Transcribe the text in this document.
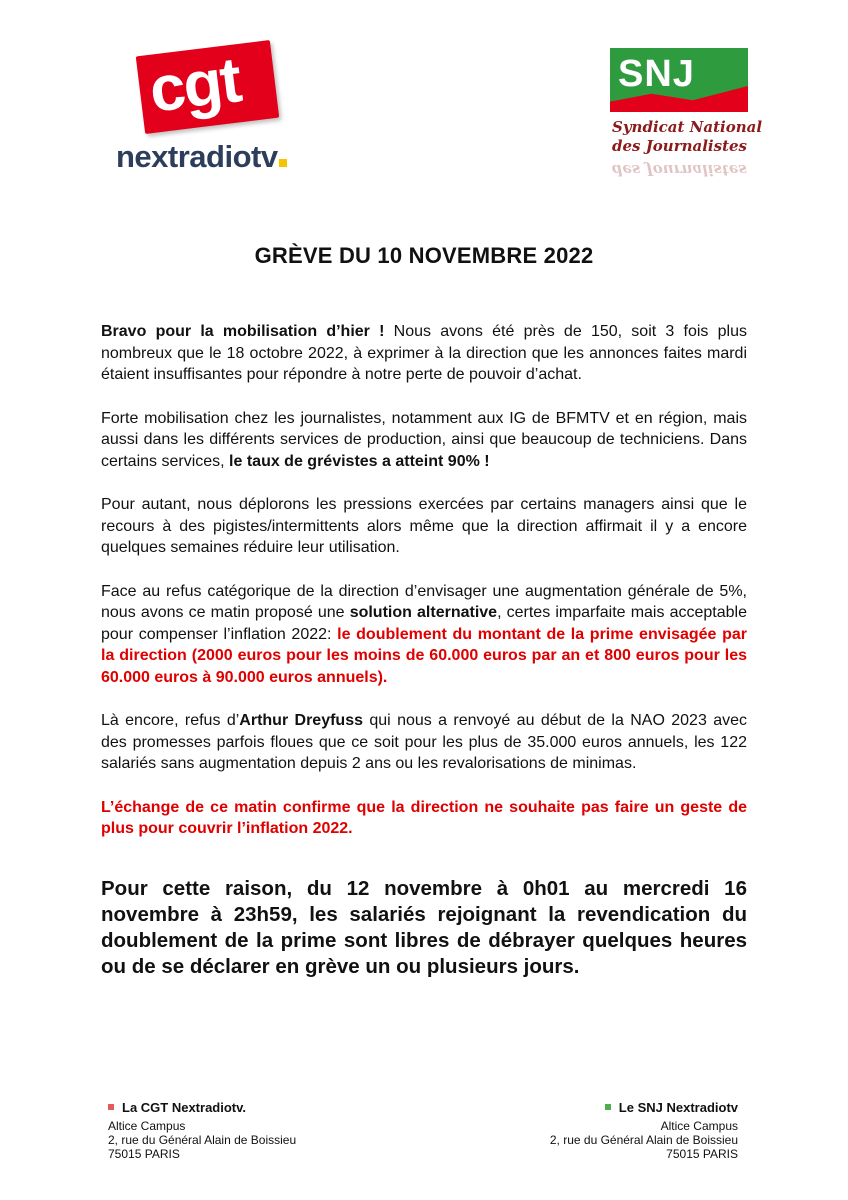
cgt
nextradiotv
SNJ
Syndicat National
des Journalistes
des Journalistes
GRÈVE DU 10 NOVEMBRE 2022

Bravo pour la mobilisation d’hier ! Nous avons été près de 150, soit 3 fois plus nombreux que le 18 octobre 2022, à exprimer à la direction que les annonces faites mardi étaient insuffisantes pour répondre à notre perte de pouvoir d’achat.

Forte mobilisation chez les journalistes, notamment aux IG de BFMTV et en région, mais aussi dans les différents services de production, ainsi que beaucoup de techniciens. Dans certains services, le taux de grévistes a atteint 90% !

Pour autant, nous déplorons les pressions exercées par certains managers ainsi que le recours à des pigistes/intermittents alors même que la direction affirmait il y a encore quelques semaines réduire leur utilisation.

Face au refus catégorique de la direction d’envisager une augmentation générale de 5%, nous avons ce matin proposé une solution alternative, certes imparfaite mais acceptable pour compenser l’inflation 2022: le doublement du montant de la prime envisagée par la direction (2000 euros pour les moins de 60.000 euros par an et 800 euros pour les 60.000 euros à 90.000 euros annuels).

Là encore, refus d’Arthur Dreyfuss qui nous a renvoyé au début de la NAO 2023 avec des promesses parfois floues que ce soit pour les plus de 35.000 euros annuels, les 122 salariés sans augmentation depuis 2 ans ou les revalorisations de minimas.

L’échange de ce matin confirme que la direction ne souhaite pas faire un geste de plus pour couvrir l’inflation 2022.

Pour cette raison, du 12 novembre à 0h01 au mercredi 16 novembre à 23h59, les salariés rejoignant la revendication du doublement de la prime sont libres de débrayer quelques heures ou de se déclarer en grève un ou plusieurs jours.

La CGT Nextradiotv.
Altice Campus
2, rue du Général Alain de Boissieu
75015 PARIS
Le SNJ Nextradiotv
Altice Campus
2, rue du Général Alain de Boissieu
75015 PARIS
